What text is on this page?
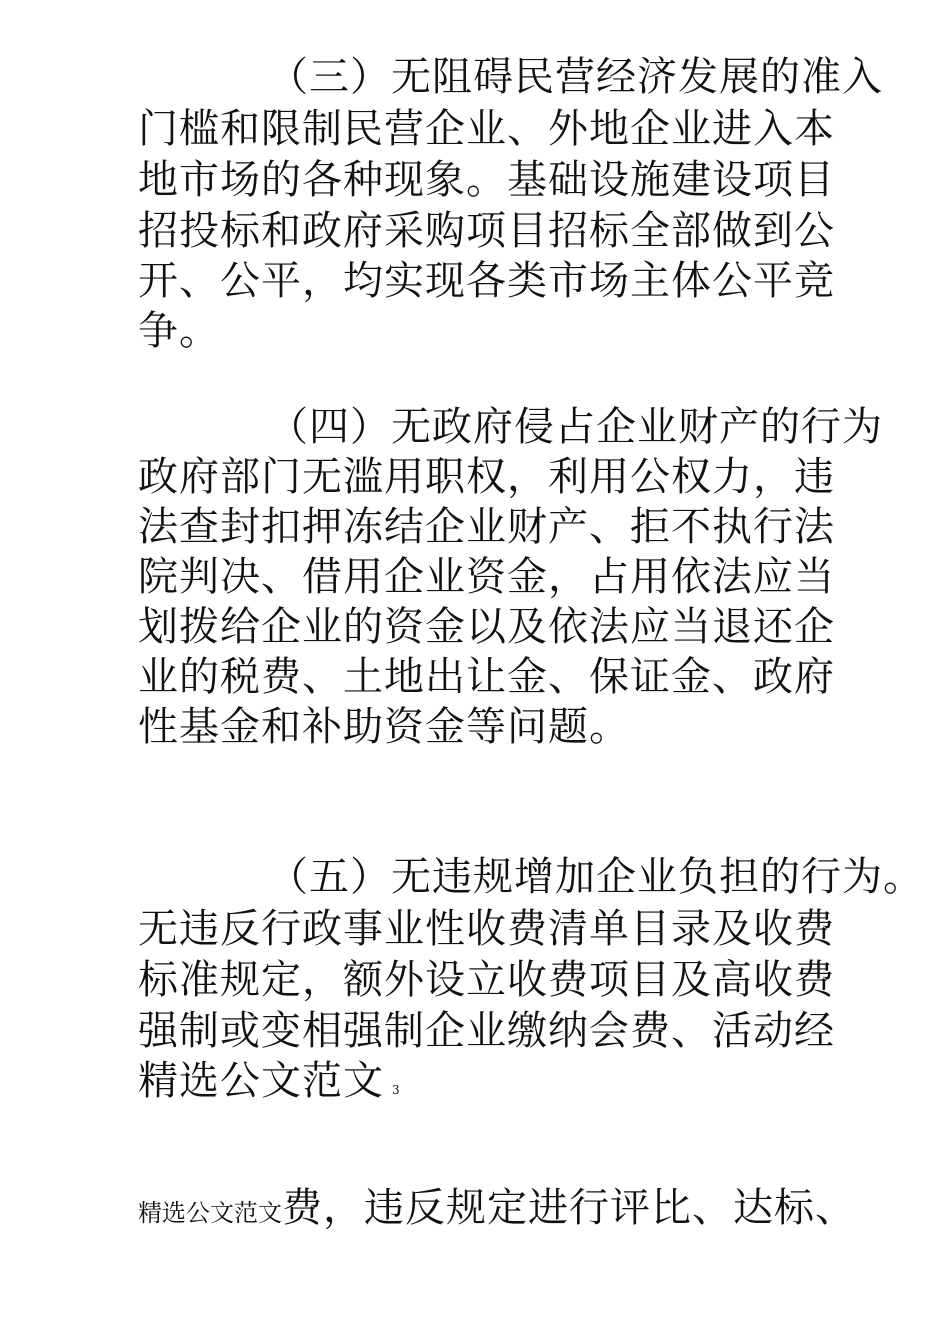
（三）无阻碍民营经济发展的准入
门槛和限制民营企业、外地企业进入本
地市场的各种现象。基础设施建设项目
招投标和政府采购项目招标全部做到公
开、公平，均实现各类市场主体公平竞
争。
（四）无政府侵占企业财产的行为
政府部门无滥用职权，利用公权力，违
法查封扣押冻结企业财产、拒不执行法
院判决、借用企业资金，占用依法应当
划拨给企业的资金以及依法应当退还企
业的税费、土地出让金、保证金、政府
性基金和补助资金等问题。
（五）无违规增加企业负担的行为。
无违反行政事业性收费清单目录及收费
标准规定，额外设立收费项目及高收费
强制或变相强制企业缴纳会费、活动经
精选公文范文 3
精选公文范文费，违反规定进行评比、达标、
